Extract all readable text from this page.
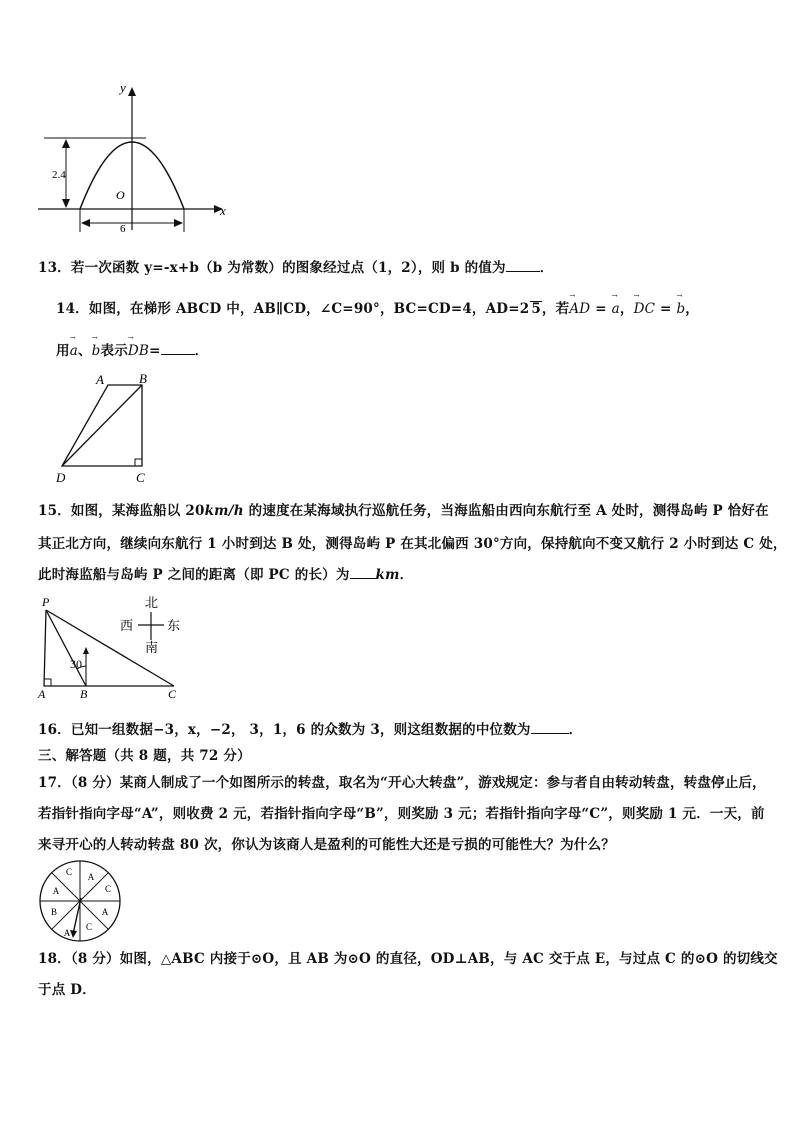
y
x
O
2.4
6
13．若一次函数 y=-x+b（b 为常数）的图象经过点（1，2），则 b 的值为	．
14．如图，在梯形 ABCD 中，AB∥CD，∠C=90°，BC=CD=4，AD=2 5，若→ AD = → a，→ DC = → b，
用→ a、→ b表示→ DB=	．
A	B
C
D
15．如图，某海监船以 20km/h 的速度在某海域执行巡航任务，当海监船由西向东航行至 A 处时，测得岛屿 P 恰好在
其正北方向，继续向东航行 1 小时到达 B 处，测得岛屿 P 在其北偏西 30°方向，保持航向不变又航行 2 小时到达 C 处，
此时海监船与岛屿 P 之间的距离（即 PC 的长）为 km．
P
A	B	C
30
北
南
西	东
16．已知一组数据−3，x，−2， 3，1，6 的众数为 3，则这组数据的中位数为	．
三、解答题（共 8 题，共 72 分）
17．（8 分）某商人制成了一个如图所示的转盘，取名为“开心大转盘”，游戏规定：参与者自由转动转盘，转盘停止后，
若指针指向字母“A”，则收费 2 元，若指针指向字母“B”，则奖励 3 元；若指针指向字母“C”，则奖励 1 元．一天，前
来寻开心的人转动转盘 80 次，你认为该商人是盈利的可能性大还是亏损的可能性大？为什么？
C A
C
A
C
A
B
A
18．（8 分）如图，△ABC 内接于⊙O，且 AB 为⊙O 的直径，OD⊥AB，与 AC 交于点 E，与过点 C 的⊙O 的切线交
于点 D．
